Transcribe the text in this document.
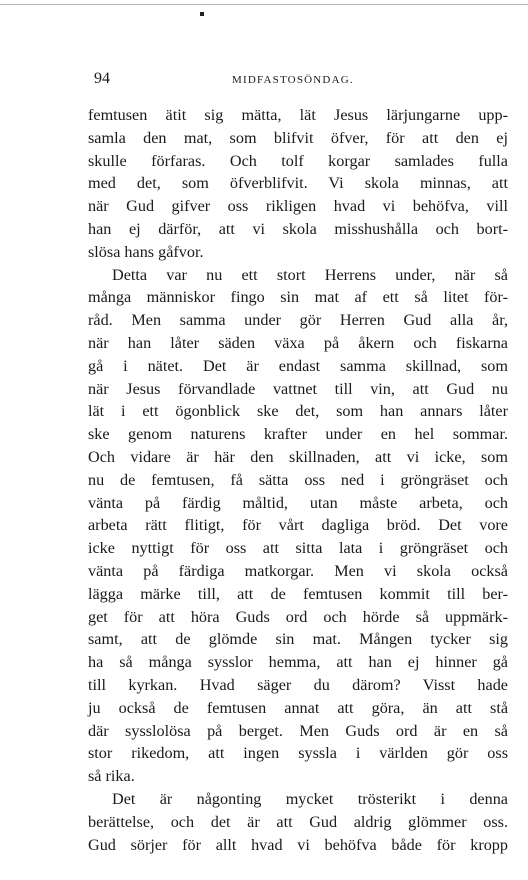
94	MIDFASTOSÖNDAG.
femtusen ätit sig mätta, lät Jesus lärjungarne upp-
samla den mat, som blifvit öfver, för att den ej
skulle förfaras. Och tolf korgar samlades fulla
med det, som öfverblifvit. Vi skola minnas, att
när Gud gifver oss rikligen hvad vi behöfva, vill
han ej därför, att vi skola misshushålla och bort-
slösa hans gåfvor.
Detta var nu ett stort Herrens under, när så
många människor fingo sin mat af ett så litet för-
råd. Men samma under gör Herren Gud alla år,
när han låter säden växa på åkern och fiskarna
gå i nätet. Det är endast samma skillnad, som
när Jesus förvandlade vattnet till vin, att Gud nu
lät i ett ögonblick ske det, som han annars låter
ske genom naturens krafter under en hel sommar.
Och vidare är här den skillnaden, att vi icke, som
nu de femtusen, få sätta oss ned i gröngräset och
vänta på färdig måltid, utan måste arbeta, och
arbeta rätt flitigt, för vårt dagliga bröd. Det vore
icke nyttigt för oss att sitta lata i gröngräset och
vänta på färdiga matkorgar. Men vi skola också
lägga märke till, att de femtusen kommit till ber-
get för att höra Guds ord och hörde så uppmärk-
samt, att de glömde sin mat. Mången tycker sig
ha så många sysslor hemma, att han ej hinner gå
till kyrkan. Hvad säger du därom? Visst hade
ju också de femtusen annat att göra, än att stå
där sysslolösa på berget. Men Guds ord är en så
stor rikedom, att ingen syssla i världen gör oss
så rika.
Det är någonting mycket trösterikt i denna
berättelse, och det är att Gud aldrig glömmer oss.
Gud sörjer för allt hvad vi behöfva både för kropp
